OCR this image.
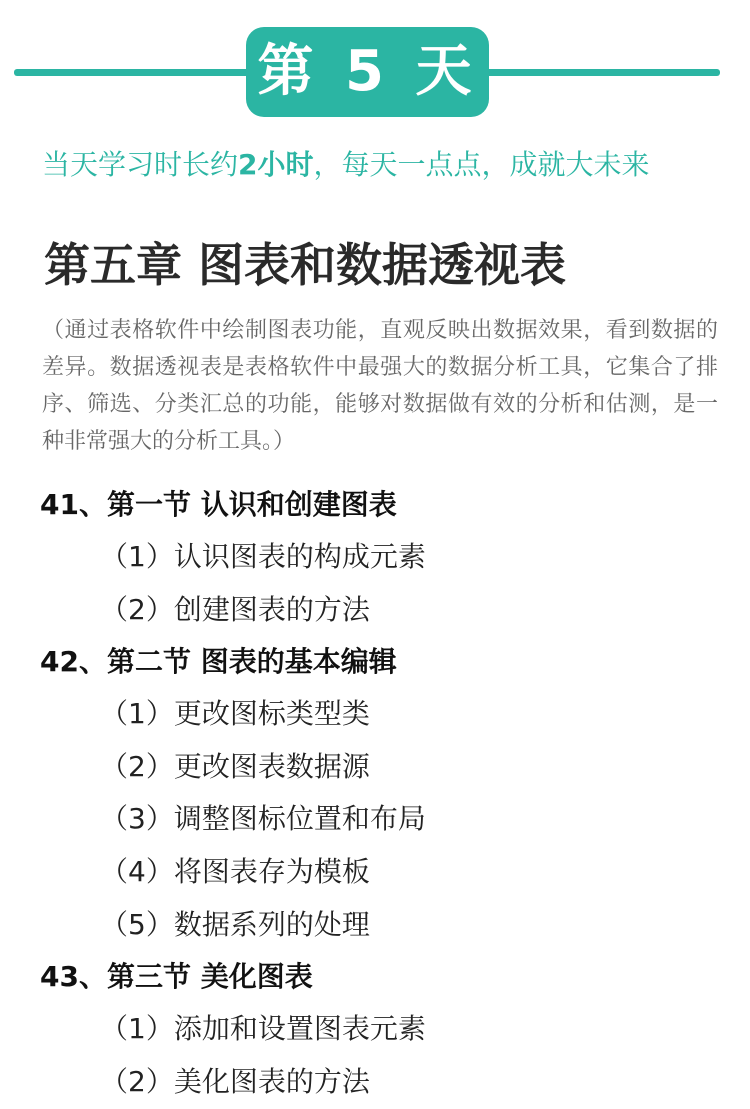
第 5 天
当天学习时长约2小时，每天一点点，成就大未来
第五章 图表和数据透视表
（通过表格软件中绘制图表功能，直观反映出数据效果，看到数据的差异。数据透视表是表格软件中最强大的数据分析工具，它集合了排序、筛选、分类汇总的功能，能够对数据做有效的分析和估测，是一种非常强大的分析工具。）
41、第一节 认识和创建图表
（1）认识图表的构成元素
（2）创建图表的方法
42、第二节 图表的基本编辑
（1）更改图标类型类
（2）更改图表数据源
（3）调整图标位置和布局
（4）将图表存为模板
（5）数据系列的处理
43、第三节 美化图表
（1）添加和设置图表元素
（2）美化图表的方法
